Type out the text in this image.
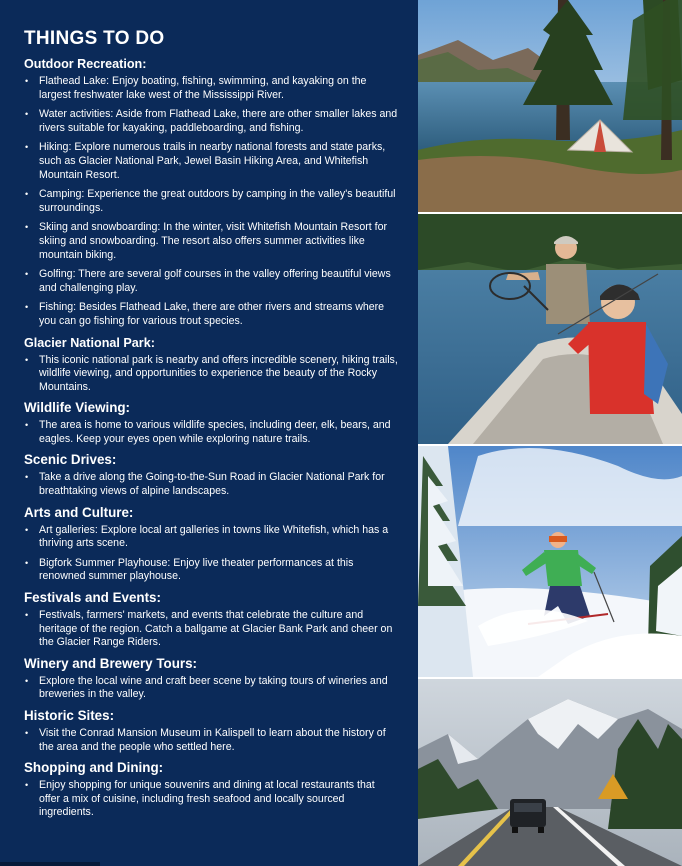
THINGS TO DO
Outdoor Recreation:
• Flathead Lake: Enjoy boating, fishing, swimming, and kayaking on the largest freshwater lake west of the Mississippi River.
• Water activities: Aside from Flathead Lake, there are other smaller lakes and rivers suitable for kayaking, paddleboarding, and fishing.
• Hiking: Explore numerous trails in nearby national forests and state parks, such as Glacier National Park, Jewel Basin Hiking Area, and Whitefish Mountain Resort.
• Camping: Experience the great outdoors by camping in the valley's beautiful surroundings.
• Skiing and snowboarding: In the winter, visit Whitefish Mountain Resort for skiing and snowboarding. The resort also offers summer activities like mountain biking.
• Golfing: There are several golf courses in the valley offering beautiful views and challenging play.
• Fishing: Besides Flathead Lake, there are other rivers and streams where you can go fishing for various trout species.
Glacier National Park:
• This iconic national park is nearby and offers incredible scenery, hiking trails, wildlife viewing, and opportunities to experience the beauty of the Rocky Mountains.
Wildlife Viewing:
• The area is home to various wildlife species, including deer, elk, bears, and eagles. Keep your eyes open while exploring nature trails.
Scenic Drives:
• Take a drive along the Going-to-the-Sun Road in Glacier National Park for breathtaking views of alpine landscapes.
Arts and Culture:
• Art galleries: Explore local art galleries in towns like Whitefish, which has a thriving arts scene.
• Bigfork Summer Playhouse: Enjoy live theater performances at this renowned summer playhouse.
Festivals and Events:
• Festivals, farmers' markets, and events that celebrate the culture and heritage of the region. Catch a ballgame at Glacier Bank Park and cheer on the Glacier Range Riders.
Winery and Brewery Tours:
• Explore the local wine and craft beer scene by taking tours of wineries and breweries in the valley.
Historic Sites:
• Visit the Conrad Mansion Museum in Kalispell to learn about the history of the area and the people who settled here.
Shopping and Dining:
• Enjoy shopping for unique souvenirs and dining at local restaurants that offer a mix of cuisine, including fresh seafood and locally sourced ingredients.
